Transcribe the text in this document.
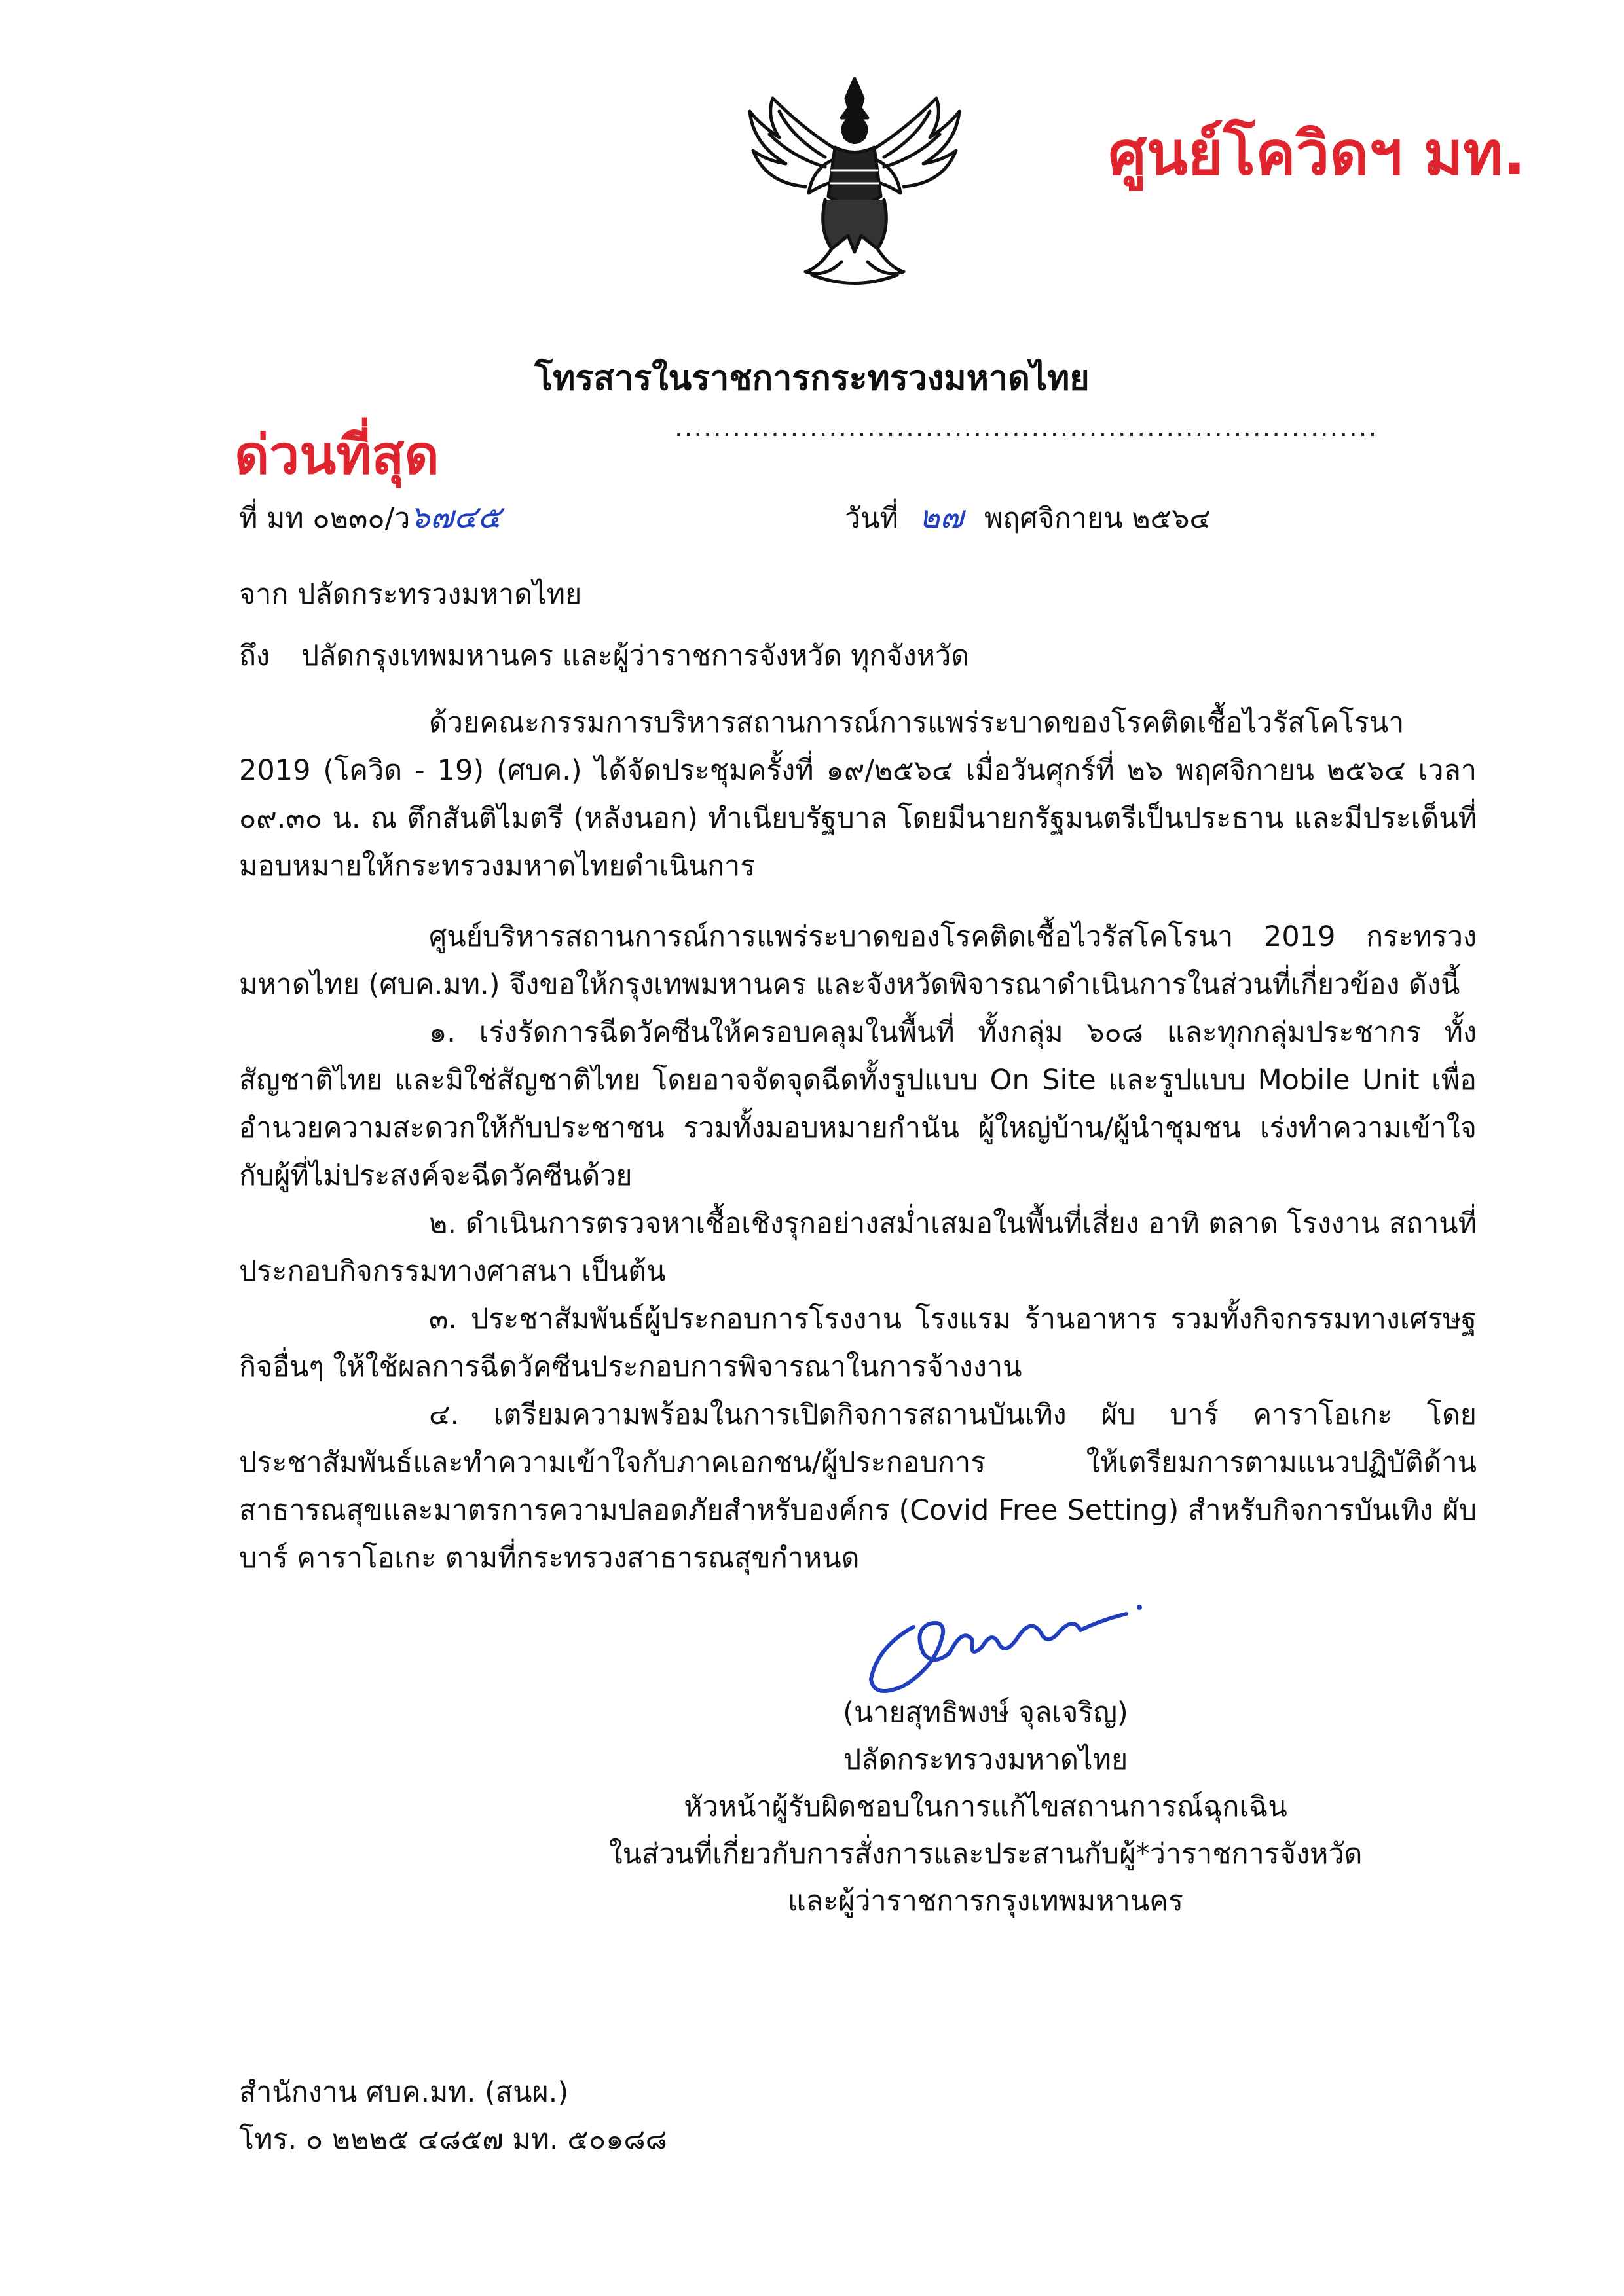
ศูนย์โควิดฯ มท.
โทรสารในราชการกระทรวงมหาดไทย
.........................................................................
ด่วนที่สุด
ที่ มท ๐๒๓๐/ว๖๗๔๕	วันที่ ๒๗ พฤศจิกายน ๒๕๖๔
จาก ปลัดกระทรวงมหาดไทย
ถึง ปลัดกรุงเทพมหานคร และผู้ว่าราชการจังหวัด ทุกจังหวัด

ด้วยคณะกรรมการบริหารสถานการณ์การแพร่ระบาดของโรคติดเชื้อไวรัสโคโรนา 2019 (โควิด - 19) (ศบค.) ได้จัดประชุมครั้งที่ ๑๙/๒๕๖๔ เมื่อวันศุกร์ที่ ๒๖ พฤศจิกายน ๒๕๖๔ เวลา ๐๙.๓๐ น. ณ ตึกสันติไมตรี (หลังนอก) ทำเนียบรัฐบาล โดยมีนายกรัฐมนตรีเป็นประธาน และมีประเด็นที่มอบหมายให้กระทรวงมหาดไทยดำเนินการ

ศูนย์บริหารสถานการณ์การแพร่ระบาดของโรคติดเชื้อไวรัสโคโรนา 2019 กระทรวงมหาดไทย (ศบค.มท.) จึงขอให้กรุงเทพมหานคร และจังหวัดพิจารณาดำเนินการในส่วนที่เกี่ยวข้อง ดังนี้

๑. เร่งรัดการฉีดวัคซีนให้ครอบคลุมในพื้นที่ ทั้งกลุ่ม ๖๐๘ และทุกกลุ่มประชากร ทั้งสัญชาติไทย และมิใช่สัญชาติไทย โดยอาจจัดจุดฉีดทั้งรูปแบบ On Site และรูปแบบ Mobile Unit เพื่ออำนวยความสะดวกให้กับประชาชน รวมทั้งมอบหมายกำนัน ผู้ใหญ่บ้าน/ผู้นำชุมชน เร่งทำความเข้าใจกับผู้ที่ไม่ประสงค์จะฉีดวัคซีนด้วย

๒. ดำเนินการตรวจหาเชื้อเชิงรุกอย่างสม่ำเสมอในพื้นที่เสี่ยง อาทิ ตลาด โรงงาน สถานที่ประกอบกิจกรรมทางศาสนา เป็นต้น

๓. ประชาสัมพันธ์ผู้ประกอบการโรงงาน โรงแรม ร้านอาหาร รวมทั้งกิจกรรมทางเศรษฐกิจอื่นๆ ให้ใช้ผลการฉีดวัคซีนประกอบการพิจารณาในการจ้างงาน

๔. เตรียมความพร้อมในการเปิดกิจการสถานบันเทิง ผับ บาร์ คาราโอเกะ โดยประชาสัมพันธ์และทำความเข้าใจกับภาคเอกชน/ผู้ประกอบการ ให้เตรียมการตามแนวปฏิบัติด้านสาธารณสุขและมาตรการความปลอดภัยสำหรับองค์กร (Covid Free Setting) สำหรับกิจการบันเทิง ผับ บาร์ คาราโอเกะ ตามที่กระทรวงสาธารณสุขกำหนด

(นายสุทธิพงษ์ จุลเจริญ)
ปลัดกระทรวงมหาดไทย
หัวหน้าผู้รับผิดชอบในการแก้ไขสถานการณ์ฉุกเฉิน
ในส่วนที่เกี่ยวกับการสั่งการและประสานกับผู้*ว่าราชการจังหวัด
และผู้ว่าราชการกรุงเทพมหานคร
สำนักงาน ศบค.มท. (สนผ.)
โทร. ๐ ๒๒๒๕ ๔๘๕๗ มท. ๕๐๑๘๘
